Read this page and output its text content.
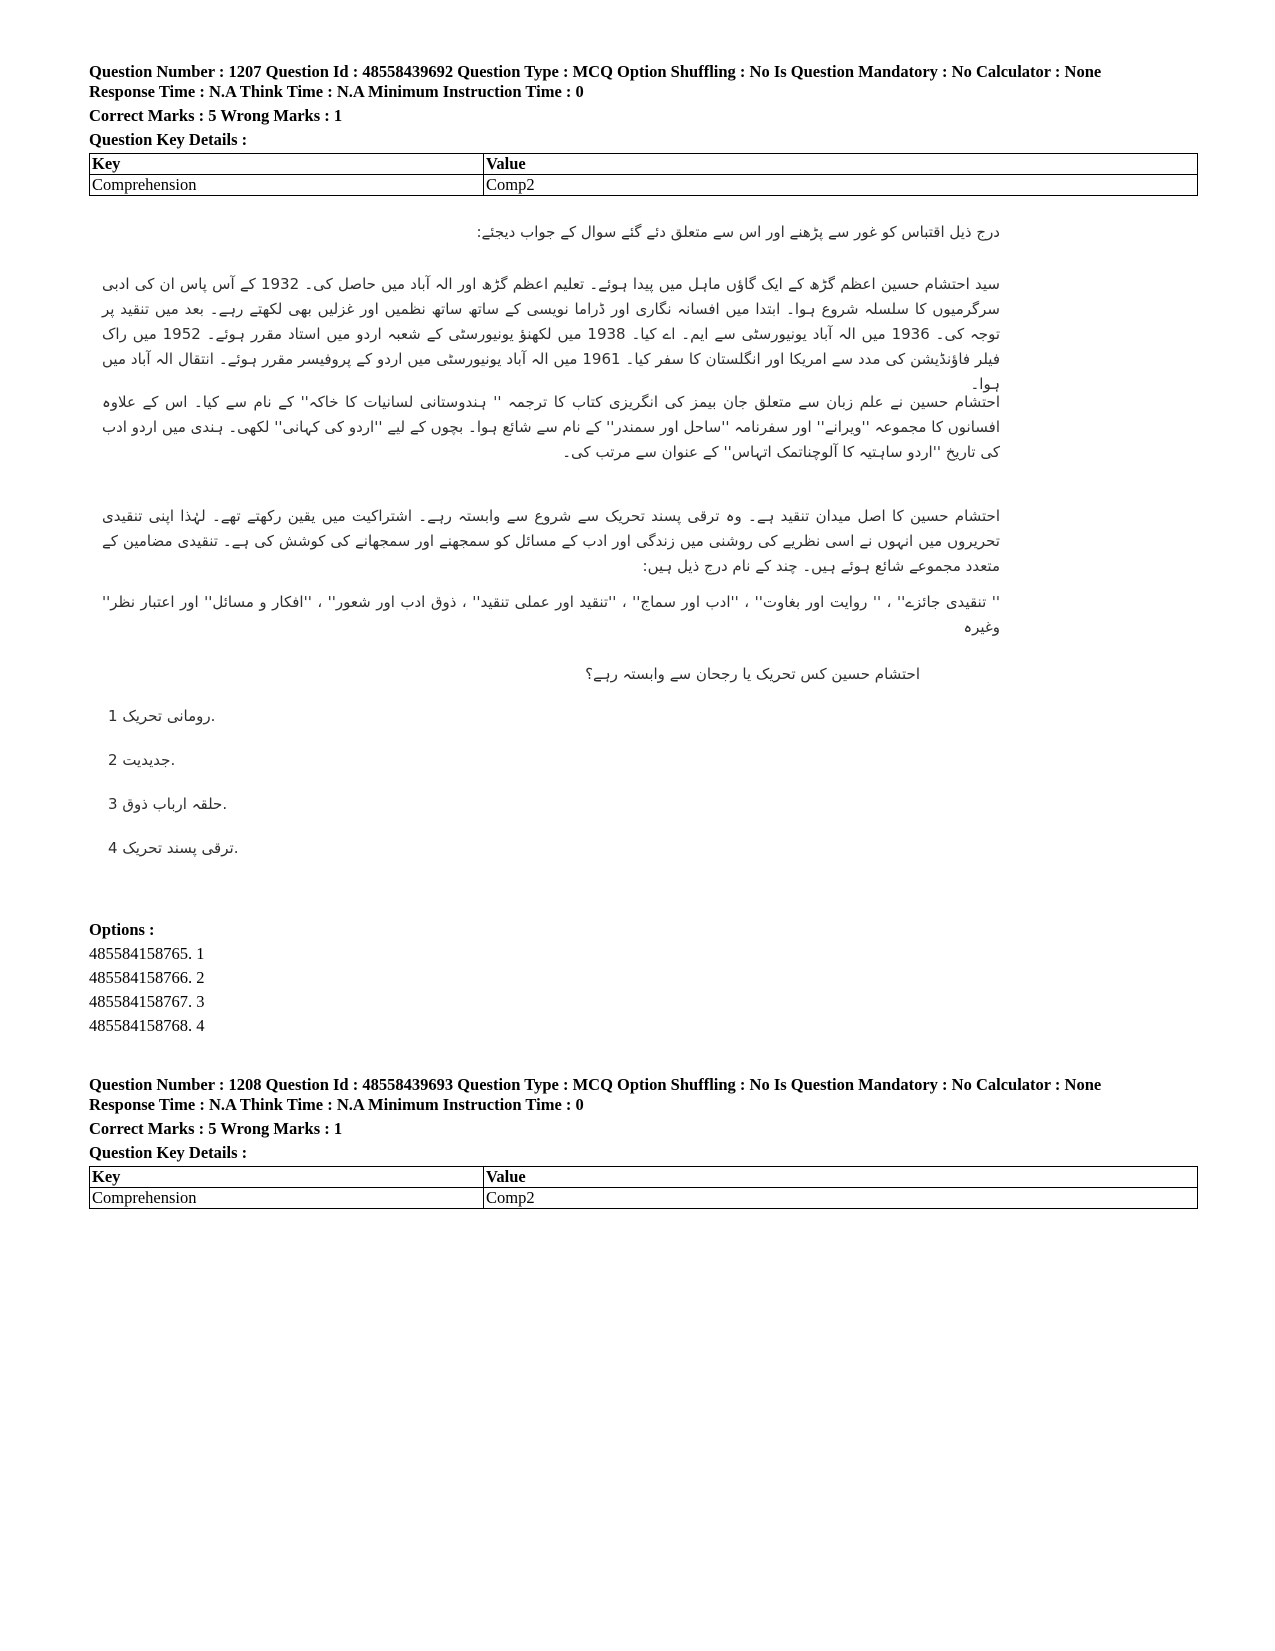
Question Number : 1207 Question Id : 48558439692 Question Type : MCQ Option Shuffling : No Is Question Mandatory : No Calculator : None

Response Time : N.A Think Time : N.A Minimum Instruction Time : 0

Correct Marks : 5 Wrong Marks : 1

Question Key Details :

Key	Value
Comprehension	Comp2
درج ذیل اقتباس کو غور سے پڑھنے اور اس سے متعلق دئے گئے سوال کے جواب دیجئے:
سید احتشام حسین اعظم گڑھ کے ایک گاؤں ماہل میں پیدا ہوئے۔ تعلیم اعظم گڑھ اور الہ آباد میں حاصل کی۔ 1932 کے آس پاس ان کی ادبی سرگرمیوں کا سلسلہ شروع ہوا۔ ابتدا میں افسانہ نگاری اور ڈراما نویسی کے ساتھ ساتھ نظمیں اور غزلیں بھی لکھتے رہے۔ بعد میں تنقید پر توجہ کی۔ 1936 میں الہ آباد یونیورسٹی سے ایم۔ اے کیا۔ 1938 میں لکھنؤ یونیورسٹی کے شعبہ اردو میں استاد مقرر ہوئے۔ 1952 میں راک فیلر فاؤنڈیشن کی مدد سے امریکا اور انگلستان کا سفر کیا۔ 1961 میں الہ آباد یونیورسٹی میں اردو کے پروفیسر مقرر ہوئے۔ انتقال الہ آباد میں ہوا۔
احتشام حسین نے علم زبان سے متعلق جان بیمز کی انگریزی کتاب کا ترجمہ '' ہندوستانی لسانیات کا خاکہ'' کے نام سے کیا۔ اس کے علاوہ افسانوں کا مجموعہ ''ویرانے'' اور سفرنامہ ''ساحل اور سمندر'' کے نام سے شائع ہوا۔ بچوں کے لیے ''اردو کی کہانی'' لکھی۔ ہندی میں اردو ادب کی تاریخ ''اردو ساہتیہ کا آلوچناتمک اتہاس'' کے عنوان سے مرتب کی۔
احتشام حسین کا اصل میدان تنقید ہے۔ وہ ترقی پسند تحریک سے شروع سے وابستہ رہے۔ اشتراکیت میں یقین رکھتے تھے۔ لہٰذا اپنی تنقیدی تحریروں میں انہوں نے اسی نظریے کی روشنی میں زندگی اور ادب کے مسائل کو سمجھنے اور سمجھانے کی کوشش کی ہے۔ تنقیدی مضامین کے متعدد مجموعے شائع ہوئے ہیں۔ چند کے نام درج ذیل ہیں:
'' تنقیدی جائزے'' ، '' روایت اور بغاوت'' ، ''ادب اور سماج'' ، ''تنقید اور عملی تنقید'' ، ذوق ادب اور شعور'' ، ''افکار و مسائل'' اور اعتبار نظر'' وغیرہ
احتشام حسین کس تحریک یا رجحان سے وابستہ رہے؟
رومانی تحریک 1.
جدیدیت 2.
حلقہ ارباب ذوق 3.
ترقی پسند تحریک 4.
Options :
485584158765. 1
485584158766. 2
485584158767. 3
485584158768. 4

Question Number : 1208 Question Id : 48558439693 Question Type : MCQ Option Shuffling : No Is Question Mandatory : No Calculator : None

Response Time : N.A Think Time : N.A Minimum Instruction Time : 0

Correct Marks : 5 Wrong Marks : 1

Question Key Details :

Key	Value
Comprehension	Comp2
